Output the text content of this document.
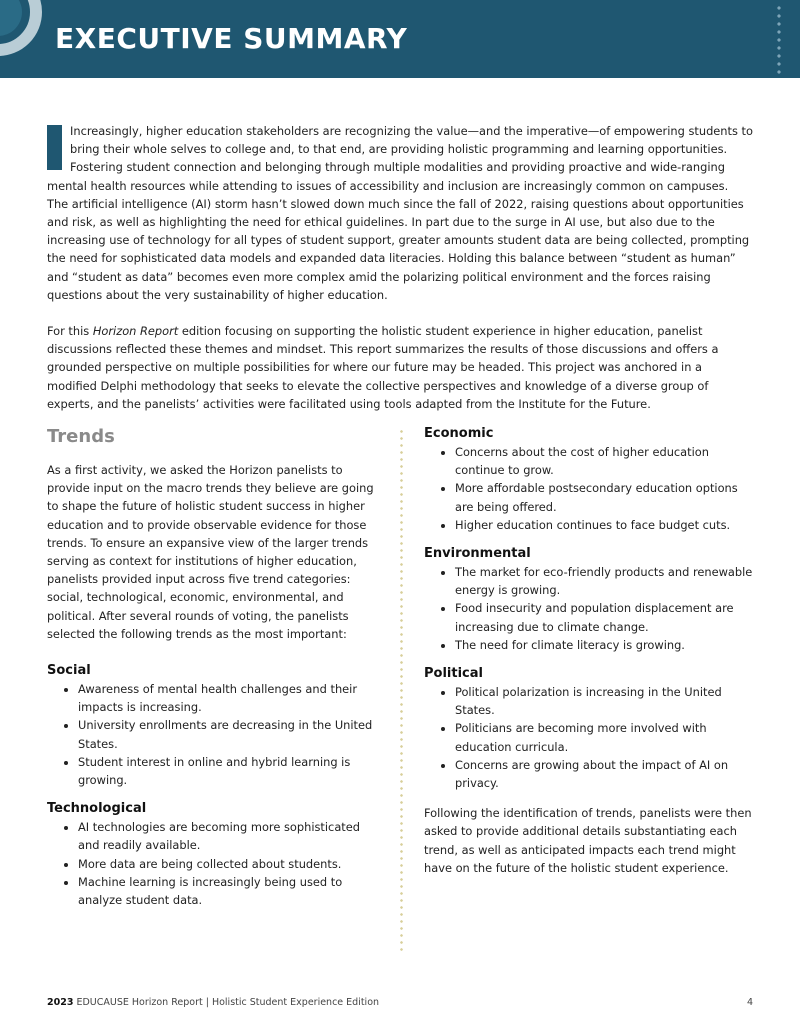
EXECUTIVE SUMMARY

Increasingly, higher education stakeholders are recognizing the value—and the imperative—of empowering students to bring their whole selves to college and, to that end, are providing holistic programming and learning opportunities. Fostering student connection and belonging through multiple modalities and providing proactive and wide-ranging mental health resources while attending to issues of accessibility and inclusion are increasingly common on campuses. The artificial intelligence (AI) storm hasn’t slowed down much since the fall of 2022, raising questions about opportunities and risk, as well as highlighting the need for ethical guidelines. In part due to the surge in AI use, but also due to the increasing use of technology for all types of student support, greater amounts student data are being collected, prompting the need for sophisticated data models and expanded data literacies. Holding this balance between “student as human” and “student as data” becomes even more complex amid the polarizing political environment and the forces raising questions about the very sustainability of higher education.

For this Horizon Report edition focusing on supporting the holistic student experience in higher education, panelist discussions reflected these themes and mindset. This report summarizes the results of those discussions and offers a grounded perspective on multiple possibilities for where our future may be headed. This project was anchored in a modified Delphi methodology that seeks to elevate the collective perspectives and knowledge of a diverse group of experts, and the panelists’ activities were facilitated using tools adapted from the Institute for the Future.

Trends

As a first activity, we asked the Horizon panelists to provide input on the macro trends they believe are going to shape the future of holistic student success in higher education and to provide observable evidence for those trends. To ensure an expansive view of the larger trends serving as context for institutions of higher education, panelists provided input across five trend categories: social, technological, economic, environmental, and political. After several rounds of voting, the panelists selected the following trends as the most important:

Social
• Awareness of mental health challenges and their impacts is increasing.
• University enrollments are decreasing in the United States.
• Student interest in online and hybrid learning is growing.
Technological
• AI technologies are becoming more sophisticated and readily available.
• More data are being collected about students.
• Machine learning is increasingly being used to analyze student data.
Economic
• Concerns about the cost of higher education continue to grow.
• More affordable postsecondary education options are being offered.
• Higher education continues to face budget cuts.
Environmental
• The market for eco-friendly products and renewable energy is growing.
• Food insecurity and population displacement are increasing due to climate change.
• The need for climate literacy is growing.
Political
• Political polarization is increasing in the United States.
• Politicians are becoming more involved with education curricula.
• Concerns are growing about the impact of AI on privacy.

Following the identification of trends, panelists were then asked to provide additional details substantiating each trend, as well as anticipated impacts each trend might have on the future of the holistic student experience.

2023 EDUCAUSE Horizon Report | Holistic Student Experience Edition	4
